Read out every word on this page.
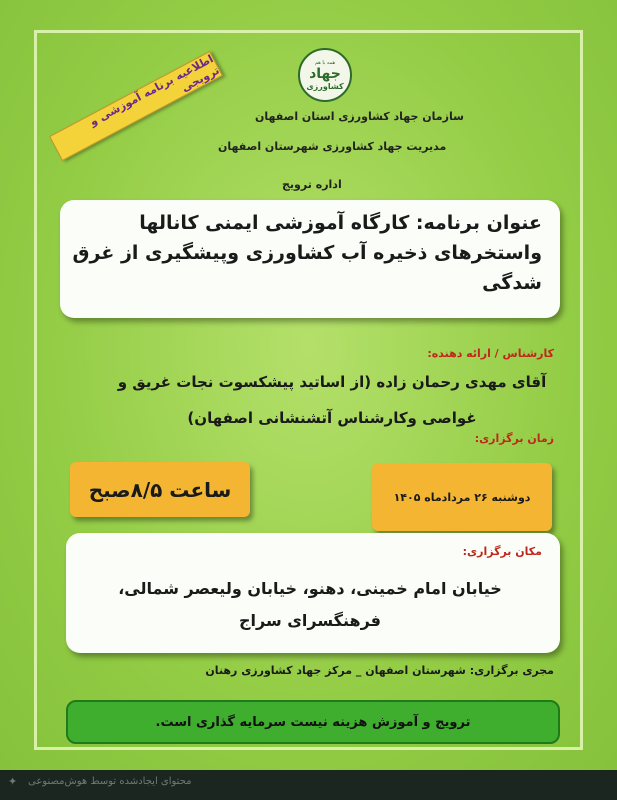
اطلاعیه برنامه آموزشی و ترویجی
همه با هم
جهاد
کشاورزی
سازمان جهاد کشاورزی استان اصفهان
مدیریت جهاد کشاورزی شهرستان اصفهان
اداره ترویج
عنوان برنامه: کارگاه آموزشی ایمنی کانالها واستخرهای ذخیره آب کشاورزی وپیشگیری از غرق شدگی
کارشناس / ارائه دهنده:
آقای مهدی رحمان زاده (از اساتید پیشکسوت نجات غریق و غواصی وکارشناس آتشنشانی اصفهان)
زمان برگزاری:
ساعت ۸/۵صبح	دوشنبه ۲۶ مردادماه ۱۴۰۵
مکان برگزاری:
خیابان امام خمینی، دهنو، خیابان ولیعصر شمالی، فرهنگسرای سراج
مجری برگزاری: شهرستان اصفهان _ مرکز جهاد کشاورزی رهنان
ترویج و آموزش هزینه نیست سرمایه گذاری است.
✦ محتوای ایجادشده توسط هوش‌مصنوعی
